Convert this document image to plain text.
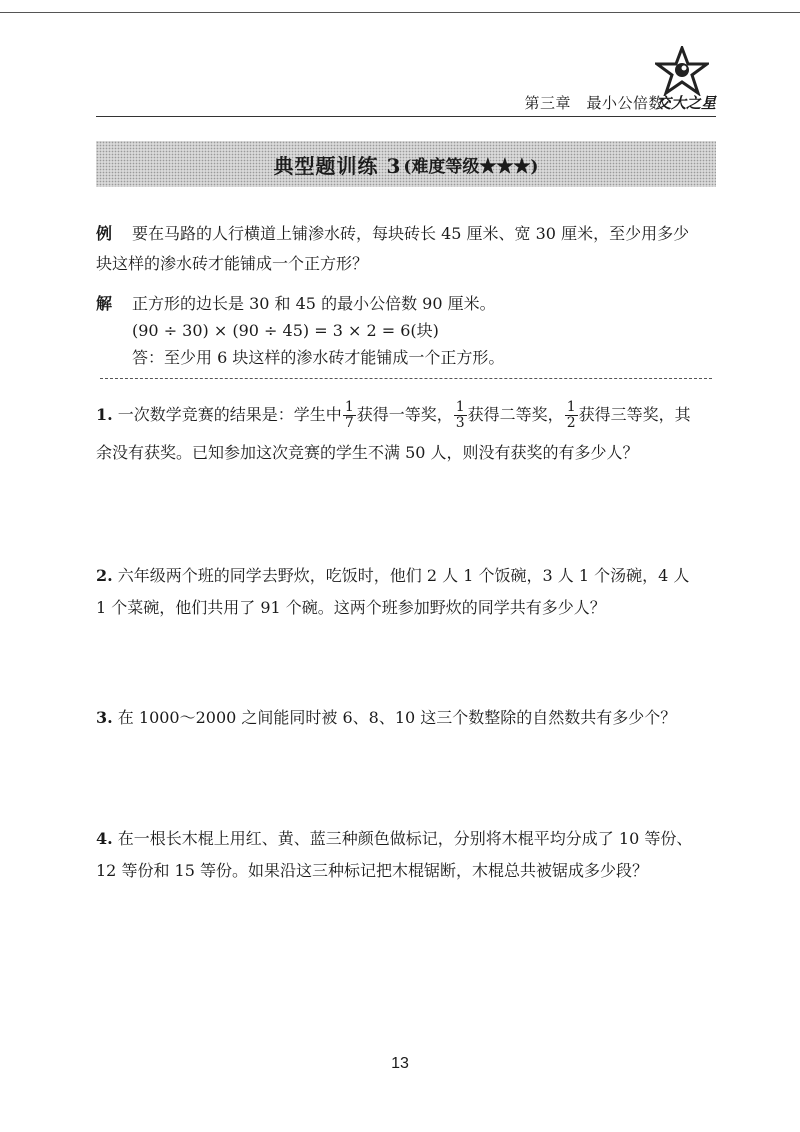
第三章　最小公倍数
交大之星
典型题训练 3 (难度等级★★★)
例 要在马路的人行横道上铺渗水砖，每块砖长 45 厘米、宽 30 厘米，至少用多少
块这样的渗水砖才能铺成一个正方形？
解 正方形的边长是 30 和 45 的最小公倍数 90 厘米。
(90 ÷ 30) × (90 ÷ 45) = 3 × 2 = 6(块)
答：至少用 6 块这样的渗水砖才能铺成一个正方形。
1. 一次数学竞赛的结果是：学生中 $\frac{1}{7}$ 获得一等奖， $\frac{1}{3}$ 获得二等奖， $\frac{1}{2}$ 获得三等奖，其
余没有获奖。已知参加这次竞赛的学生不满 50 人，则没有获奖的有多少人？
2. 六年级两个班的同学去野炊，吃饭时，他们 2 人 1 个饭碗，3 人 1 个汤碗，4 人
1 个菜碗，他们共用了 91 个碗。这两个班参加野炊的同学共有多少人？
3. 在 1000～2000 之间能同时被 6、8、10 这三个数整除的自然数共有多少个？
4. 在一根长木棍上用红、黄、蓝三种颜色做标记，分别将木棍平均分成了 10 等份、
12 等份和 15 等份。如果沿这三种标记把木棍锯断，木棍总共被锯成多少段？
13
